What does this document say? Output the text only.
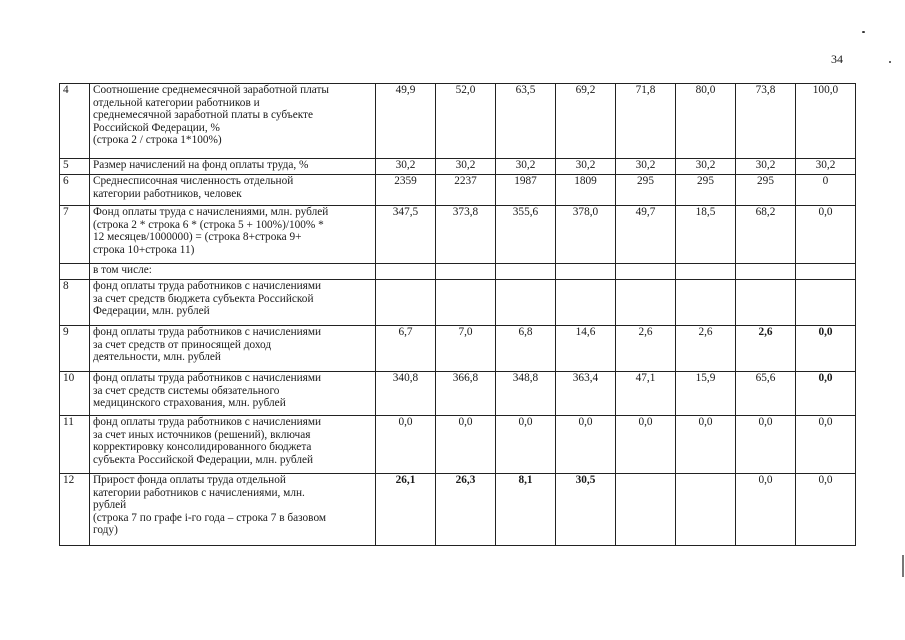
34
4	Соотношение среднемесячной заработной платы
отдельной категории работников и
среднемесячной заработной платы в субъекте
Российской Федерации, %
(строка 2 / строка 1*100%)	49,9	52,0	63,5	69,2	71,8	80,0	73,8	100,0
5	Размер начислений на фонд оплаты труда, %	30,2	30,2	30,2	30,2	30,2	30,2	30,2	30,2
6	Среднесписочная численность отдельной
категории работников, человек	2359	2237	1987	1809	295	295	295	0
7	Фонд оплаты труда с начислениями, млн. рублей
(строка 2 * строка 6 * (строка 5 + 100%)/100% *
12 месяцев/1000000) = (строка 8+строка 9+
строка 10+строка 11)	347,5	373,8	355,6	378,0	49,7	18,5	68,2	0,0

	в том числе:								

8	фонд оплаты труда работников с начислениями
за счет средств бюджета субъекта Российской
Федерации, млн. рублей								

9	фонд оплаты труда работников с начислениями
за счет средств от приносящей доход
деятельности, млн. рублей	6,7	7,0	6,8	14,6	2,6	2,6	2,6	0,0
10	фонд оплаты труда работников с начислениями
за счет средств системы обязательного
медицинского страхования, млн. рублей	340,8	366,8	348,8	363,4	47,1	15,9	65,6	0,0
11	фонд оплаты труда работников с начислениями
за счет иных источников (решений), включая
корректировку консолидированного бюджета
субъекта Российской Федерации, млн. рублей	0,0	0,0	0,0	0,0	0,0	0,0	0,0	0,0
12	Прирост фонда оплаты труда отдельной
категории работников с начислениями, млн.
рублей
(строка 7 по графе i-го года – строка 7 в базовом
году)	26,1	26,3	8,1	30,5			0,0	0,0
